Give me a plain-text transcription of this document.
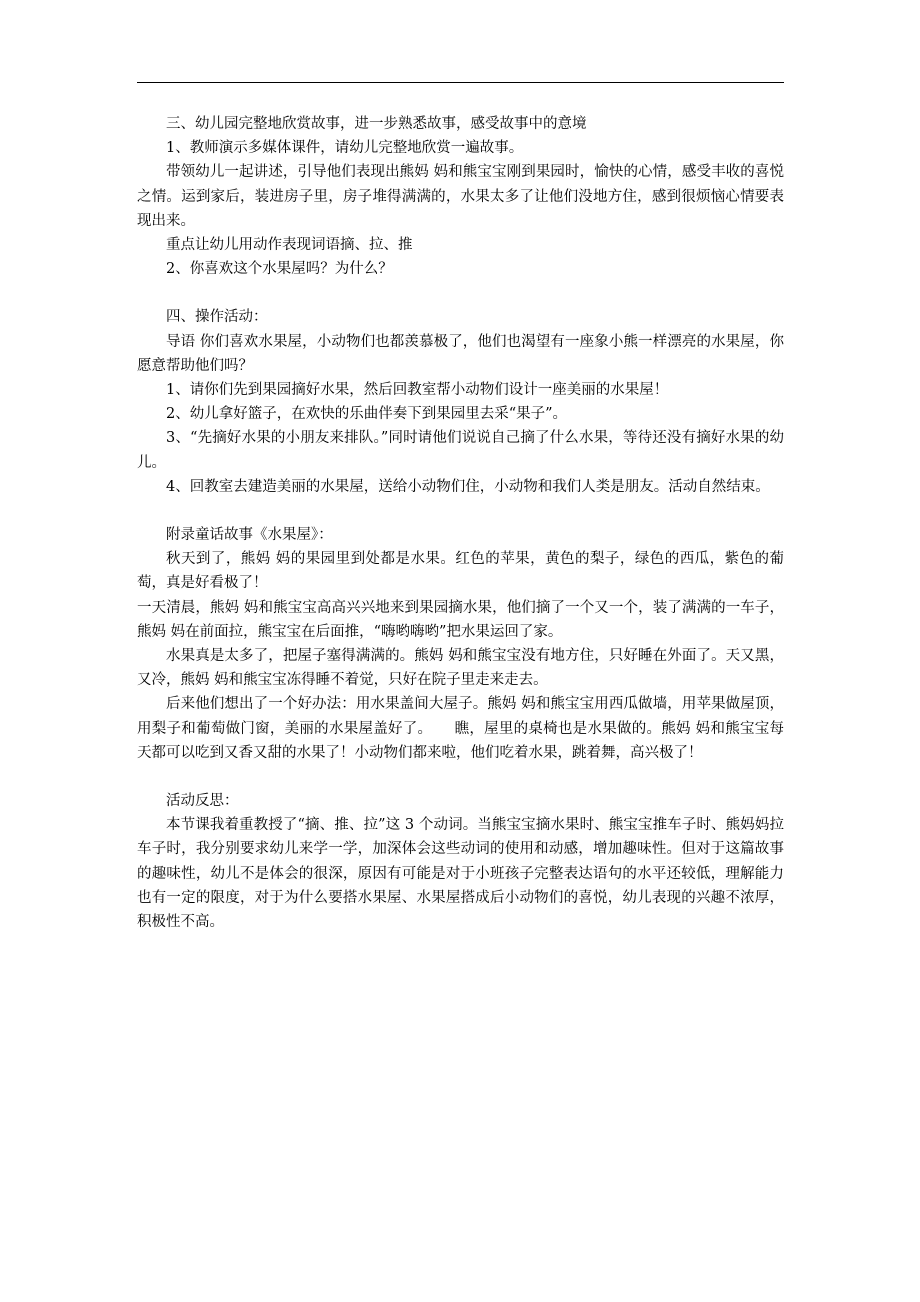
三、幼儿园完整地欣赏故事，进一步熟悉故事，感受故事中的意境

1、教师演示多媒体课件，请幼儿完整地欣赏一遍故事。

带领幼儿一起讲述，引导他们表现出熊妈 妈和熊宝宝刚到果园时，愉快的心情，感受丰收的喜悦之情。运到家后，装进房子里，房子堆得满满的，水果太多了让他们没地方住，感到很烦恼心情要表现出来。

重点让幼儿用动作表现词语摘、拉、推

2、你喜欢这个水果屋吗？为什么？

四、操作活动：

导语 你们喜欢水果屋，小动物们也都羡慕极了，他们也渴望有一座象小熊一样漂亮的水果屋，你愿意帮助他们吗？

1、请你们先到果园摘好水果，然后回教室帮小动物们设计一座美丽的水果屋！

2、幼儿拿好篮子，在欢快的乐曲伴奏下到果园里去采“果子”。

3、“先摘好水果的小朋友来排队。”同时请他们说说自己摘了什么水果，等待还没有摘好水果的幼儿。

4、回教室去建造美丽的水果屋，送给小动物们住，小动物和我们人类是朋友。活动自然结束。

附录童话故事《水果屋》：

秋天到了，熊妈 妈的果园里到处都是水果。红色的苹果，黄色的梨子，绿色的西瓜，紫色的葡萄，真是好看极了！

一天清晨，熊妈 妈和熊宝宝高高兴兴地来到果园摘水果，他们摘了一个又一个，装了满满的一车子，熊妈 妈在前面拉，熊宝宝在后面推，“嗨哟嗨哟”把水果运回了家。

水果真是太多了，把屋子塞得满满的。熊妈 妈和熊宝宝没有地方住，只好睡在外面了。天又黑，又冷，熊妈 妈和熊宝宝冻得睡不着觉，只好在院子里走来走去。

后来他们想出了一个好办法：用水果盖间大屋子。熊妈 妈和熊宝宝用西瓜做墙，用苹果做屋顶，用梨子和葡萄做门窗，美丽的水果屋盖好了。　　瞧，屋里的桌椅也是水果做的。熊妈 妈和熊宝宝每天都可以吃到又香又甜的水果了！小动物们都来啦，他们吃着水果，跳着舞，高兴极了！

活动反思：

本节课我着重教授了“摘、推、拉”这 3 个动词。当熊宝宝摘水果时、熊宝宝推车子时、熊妈妈拉车子时，我分别要求幼儿来学一学，加深体会这些动词的使用和动感，增加趣味性。但对于这篇故事的趣味性，幼儿不是体会的很深，原因有可能是对于小班孩子完整表达语句的水平还较低，理解能力也有一定的限度，对于为什么要搭水果屋、水果屋搭成后小动物们的喜悦，幼儿表现的兴趣不浓厚，积极性不高。
